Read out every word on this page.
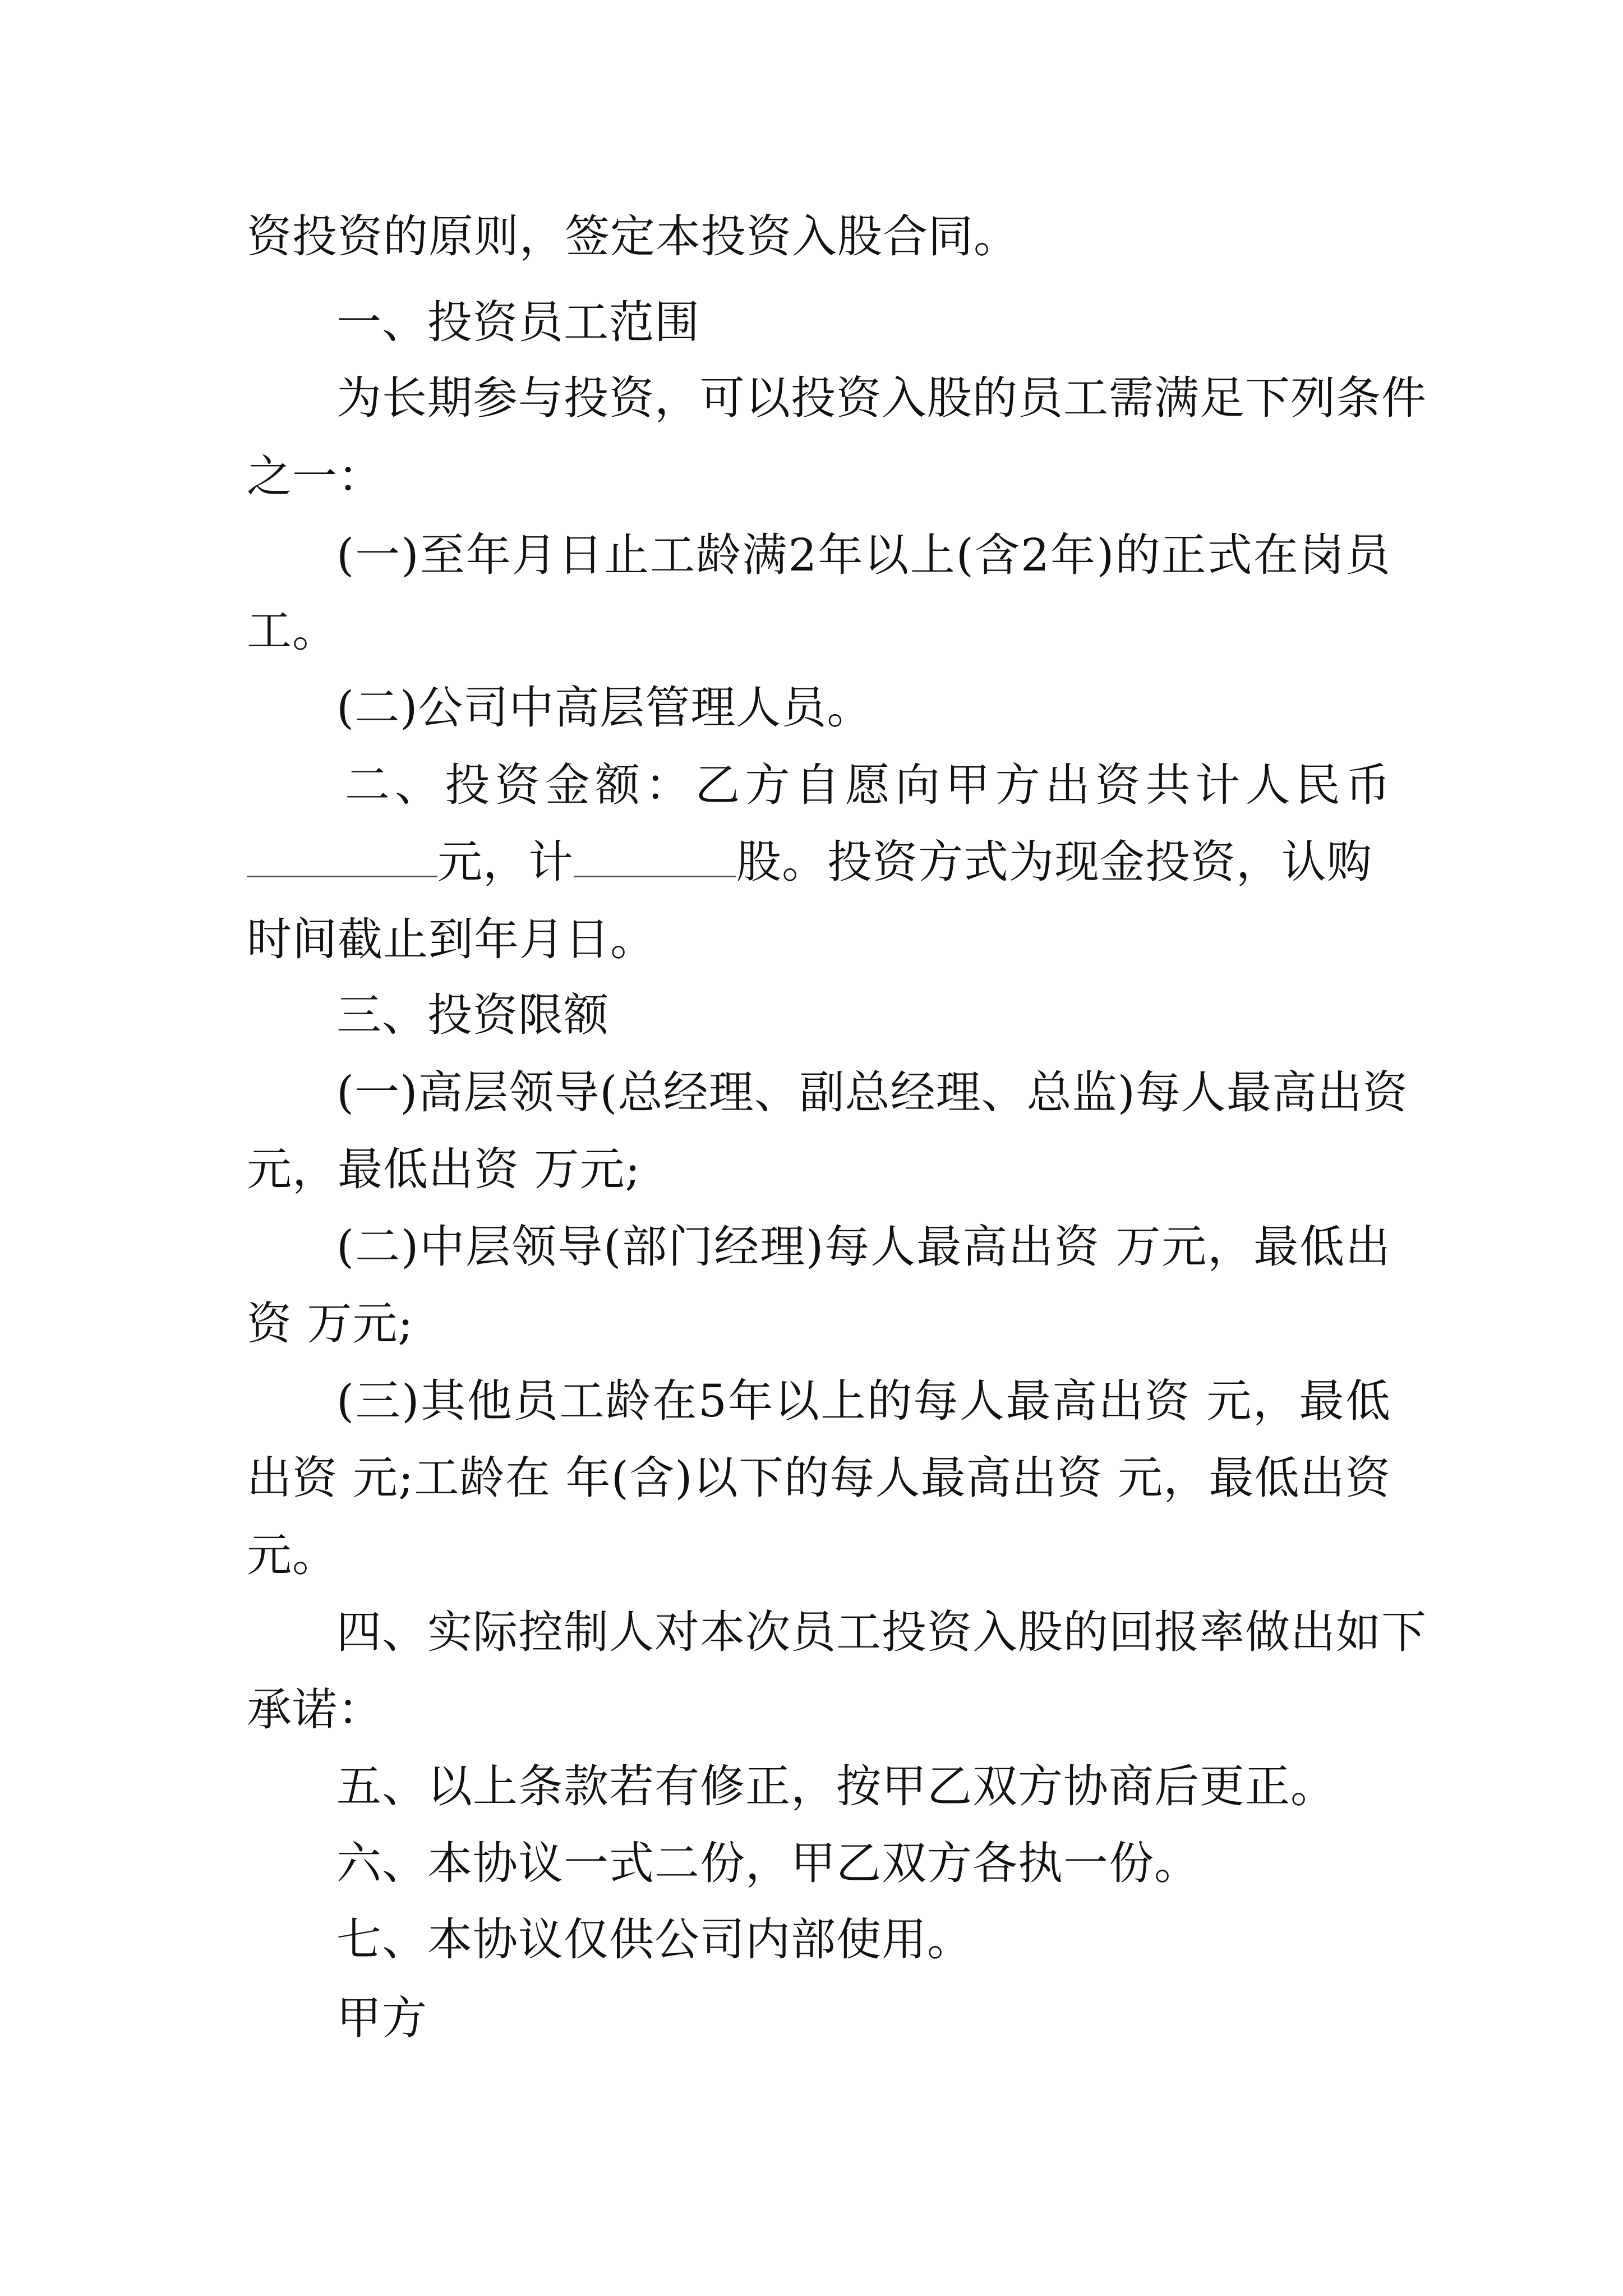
资投资的原则，签定本投资入股合同。
一、投资员工范围
为长期参与投资，可以投资入股的员工需满足下列条件
之一：
(一)至年月日止工龄满2年以上(含2年)的正式在岗员
工。
(二)公司中高层管理人员。
二、投资金额：乙方自愿向甲方出资共计人民币
元，计	股。投资方式为现金投资，认购
时间截止到年月日。
三、投资限额
(一)高层领导(总经理、副总经理、总监)每人最高出资
元，最低出资 万元;
(二)中层领导(部门经理)每人最高出资 万元，最低出
资 万元;
(三)其他员工龄在5年以上的每人最高出资 元，最低
出资 元;工龄在 年(含)以下的每人最高出资 元，最低出资
元。
四、实际控制人对本次员工投资入股的回报率做出如下
承诺：
五、以上条款若有修正，按甲乙双方协商后更正。
六、本协议一式二份，甲乙双方各执一份。
七、本协议仅供公司内部使用。
甲方
